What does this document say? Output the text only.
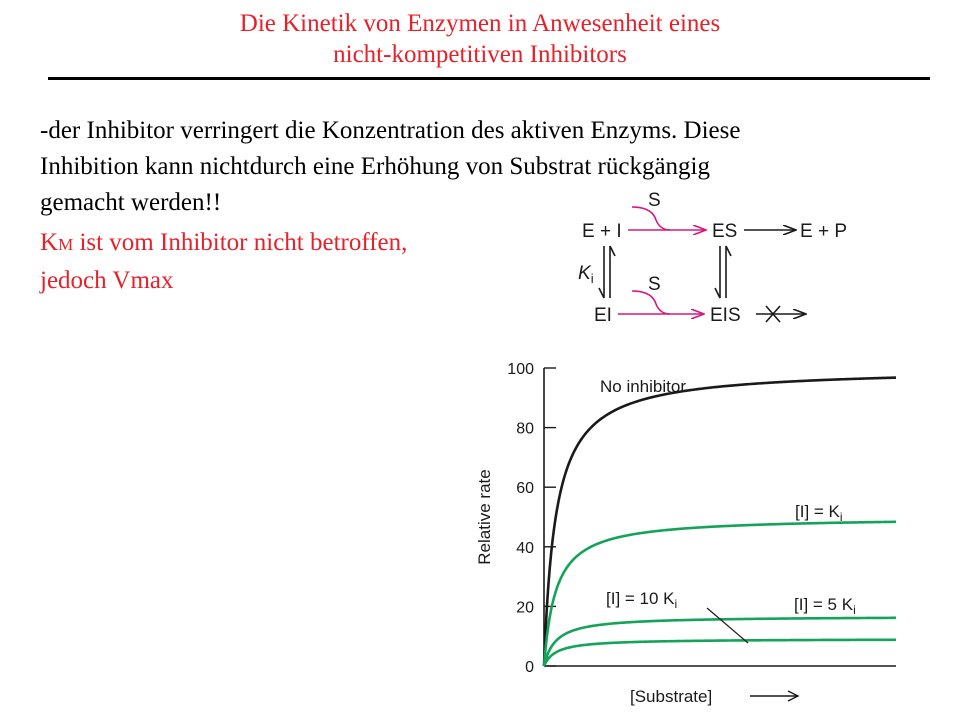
Die Kinetik von Enzymen in Anwesenheit eines
nicht-kompetitiven Inhibitors
-der Inhibitor verringert die Konzentration des aktiven Enzyms. Diese
Inhibition kann nichtdurch eine Erhöhung von Substrat rückgängig
gemacht werden!!
KM ist vom Inhibitor nicht betroffen,
jedoch Vmax
E + I	ES	E + P
EI	EIS
S
S
$K_i$
0
20
40
60
80
100
Relative rate
[Substrate]
No inhibitor
$[I] = K_i$
[I] = 5 $K_i$
[I] = 10 $K_i$
